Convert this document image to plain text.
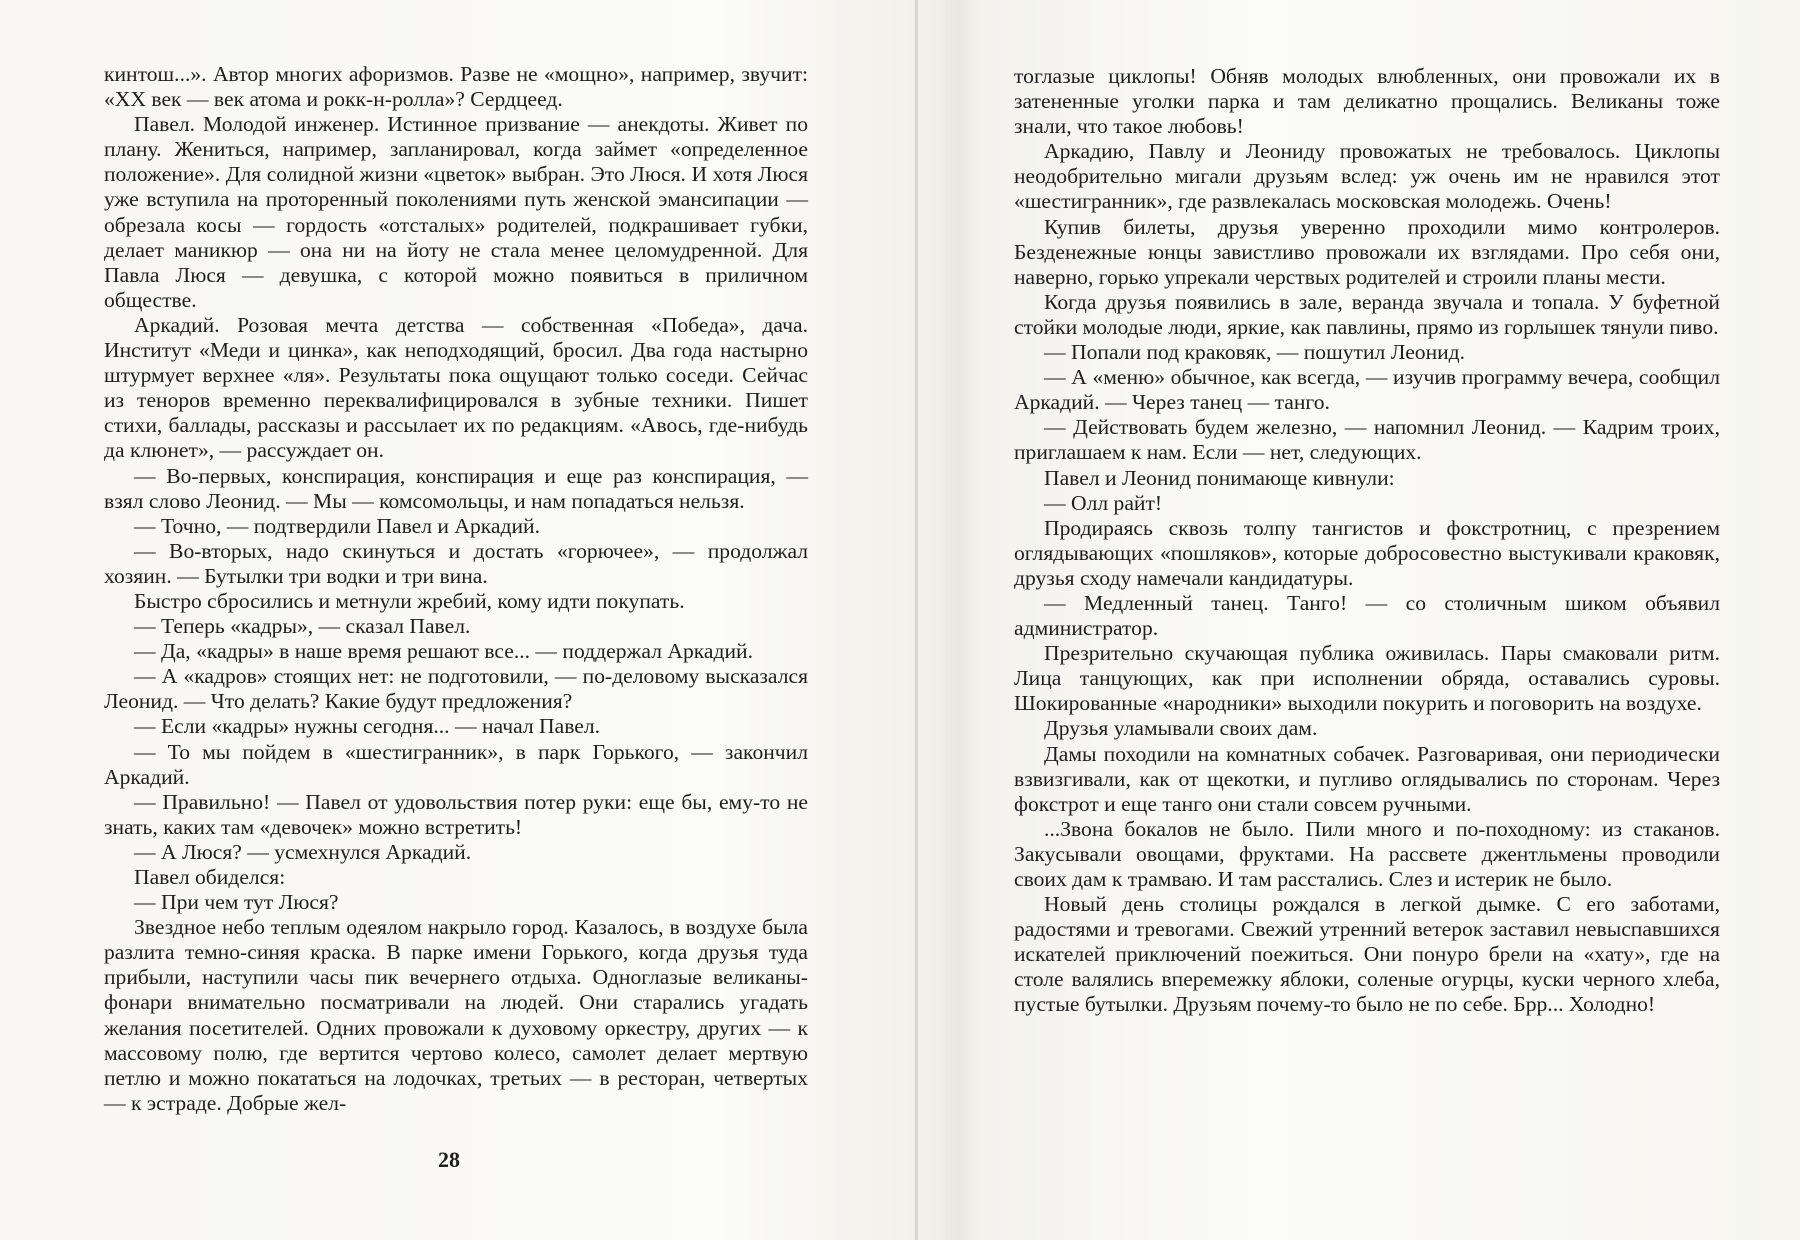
кинтош...». Автор многих афоризмов. Разве не «мощно», например, звучит: «XX век — век атома и рокк-н-ролла»? Сердцеед.

Павел. Молодой инженер. Истинное призвание — анекдоты. Живет по плану. Жениться, например, запланировал, когда займет «определенное положение». Для солидной жизни «цветок» выбран. Это Люся. И хотя Люся уже вступила на проторенный поколениями путь женской эмансипации — обрезала косы — гордость «отсталых» родителей, подкрашивает губки, делает маникюр — она ни на йоту не стала менее целомудренной. Для Павла Люся — девушка, с которой можно появиться в приличном обществе.

Аркадий. Розовая мечта детства — собственная «Победа», дача. Институт «Меди и цинка», как неподходящий, бросил. Два года настырно штурмует верхнее «ля». Результаты пока ощущают только соседи. Сейчас из теноров временно переквалифицировался в зубные техники. Пишет стихи, баллады, рассказы и рассылает их по редакциям. «Авось, где-нибудь да клюнет», — рассуждает он.

— Во-первых, конспирация, конспирация и еще раз конспирация, — взял слово Леонид. — Мы — комсомольцы, и нам попадаться нельзя.

— Точно, — подтвердили Павел и Аркадий.

— Во-вторых, надо скинуться и достать «горючее», — продолжал хозяин. — Бутылки три водки и три вина.

Быстро сбросились и метнули жребий, кому идти покупать.

— Теперь «кадры», — сказал Павел.

— Да, «кадры» в наше время решают все... — поддержал Аркадий.

— А «кадров» стоящих нет: не подготовили, — по-деловому высказался Леонид. — Что делать? Какие будут предложения?

— Если «кадры» нужны сегодня... — начал Павел.

— То мы пойдем в «шестигранник», в парк Горького, — закончил Аркадий.

— Правильно! — Павел от удовольствия потер руки: еще бы, ему-то не знать, каких там «девочек» можно встретить!

— А Люся? — усмехнулся Аркадий.

Павел обиделся:

— При чем тут Люся?

Звездное небо теплым одеялом накрыло город. Казалось, в воздухе была разлита темно-синяя краска. В парке имени Горького, когда друзья туда прибыли, наступили часы пик вечернего отдыха. Одноглазые великаны-фонари внимательно посматривали на людей. Они старались угадать желания посетителей. Одних провожали к духовому оркестру, других — к массовому полю, где вертится чертово колесо, самолет делает мертвую петлю и можно покататься на лодочках, третьих — в ресторан, четвертых — к эстраде. Добрые жел-

28

тоглазые циклопы! Обняв молодых влюбленных, они провожали их в затененные уголки парка и там деликатно прощались. Великаны тоже знали, что такое любовь!

Аркадию, Павлу и Леониду провожатых не требовалось. Циклопы неодобрительно мигали друзьям вслед: уж очень им не нравился этот «шестигранник», где развлекалась московская молодежь. Очень!

Купив билеты, друзья уверенно проходили мимо контролеров. Безденежные юнцы завистливо провожали их взглядами. Про себя они, наверно, горько упрекали черствых родителей и строили планы мести.

Когда друзья появились в зале, веранда звучала и топала. У буфетной стойки молодые люди, яркие, как павлины, прямо из горлышек тянули пиво.

— Попали под краковяк, — пошутил Леонид.

— А «меню» обычное, как всегда, — изучив программу вечера, сообщил Аркадий. — Через танец — танго.

— Действовать будем железно, — напомнил Леонид. — Кадрим троих, приглашаем к нам. Если — нет, следующих.

Павел и Леонид понимающе кивнули:

— Олл райт!

Продираясь сквозь толпу тангистов и фокстротниц, с презрением оглядывающих «пошляков», которые добросовестно выстукивали краковяк, друзья сходу намечали кандидатуры.

— Медленный танец. Танго! — со столичным шиком объявил администратор.

Презрительно скучающая публика оживилась. Пары смаковали ритм. Лица танцующих, как при исполнении обряда, оставались суровы. Шокированные «народники» выходили покурить и поговорить на воздухе.

Друзья уламывали своих дам.

Дамы походили на комнатных собачек. Разговаривая, они периодически взвизгивали, как от щекотки, и пугливо оглядывались по сторонам. Через фокстрот и еще танго они стали совсем ручными.

...Звона бокалов не было. Пили много и по-походному: из стаканов. Закусывали овощами, фруктами. На рассвете джентльмены проводили своих дам к трамваю. И там расстались. Слез и истерик не было.

Новый день столицы рождался в легкой дымке. С его заботами, радостями и тревогами. Свежий утренний ветерок заставил невыспавшихся искателей приключений поежиться. Они понуро брели на «хату», где на столе валялись вперемежку яблоки, соленые огурцы, куски черного хлеба, пустые бутылки. Друзьям почему-то было не по себе. Брр... Холодно!
